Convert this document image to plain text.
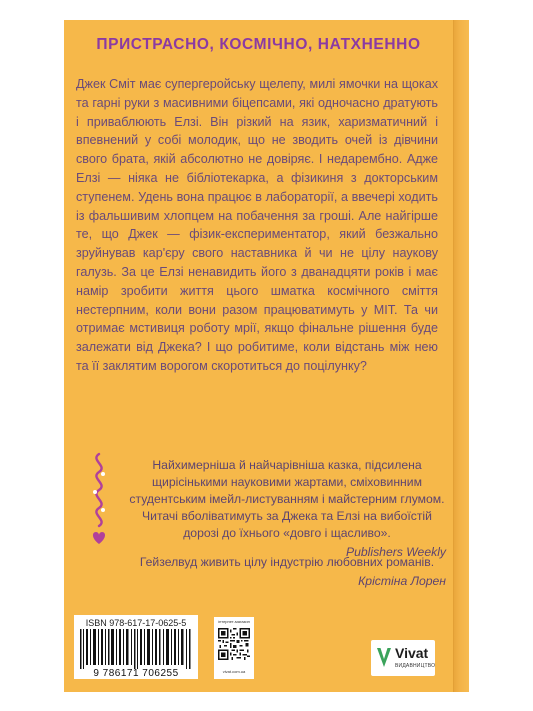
ПРИСТРАСНО, КОСМІЧНО, НАТХНЕННО

Джек Сміт має супергеройську щелепу, милі ямочки на щоках та гарні руки з масивними біцепсами, які одночасно дратують і приваблюють Елзі. Він різкий на язик, харизматичний і впевнений у собі молодик, що не зводить очей із дівчини свого брата, якій абсолютно не довіряє. І недарембно. Адже Елзі — ніяка не бібліотекарка, а фізикиня з докторським ступенем. Удень вона працює в лабораторії, а ввечері ходить із фальшивим хлопцем на побачення за гроші. Але найгірше те, що Джек — фізик-експериментатор, який безжально зруйнував кар'єру свого наставника й чи не цілу наукову галузь. За це Елзі ненавидить його з дванадцяти років і має намір зробити життя цього шматка космічного сміття нестерпним, коли вони разом працюватимуть у МІТ. Та чи отримає мстивиця роботу мрії, якщо фінальне рішення буде залежати від Джека? І що робитиме, коли відстань між нею та її заклятим ворогом скоротиться до поцілунку?

Найхимерніша й найчарівніша казка, підсилена щирісінькими науковими жартами, сміховинним студентським імейл-листуванням і майстерним глумом. Читачі вболіватимуть за Джека та Елзі на вибоїстій дорозі до їхнього «довго і щасливо».
Publishers Weekly

Гейзелвуд живить цілу індустрію любовних романів.
Крістіна Лорен

ISBN 978-617-17-0625-5
9 786171 706255
інтернет-магазин
vivat.com.ua
Vivat
ВИДАВНИЦТВО
